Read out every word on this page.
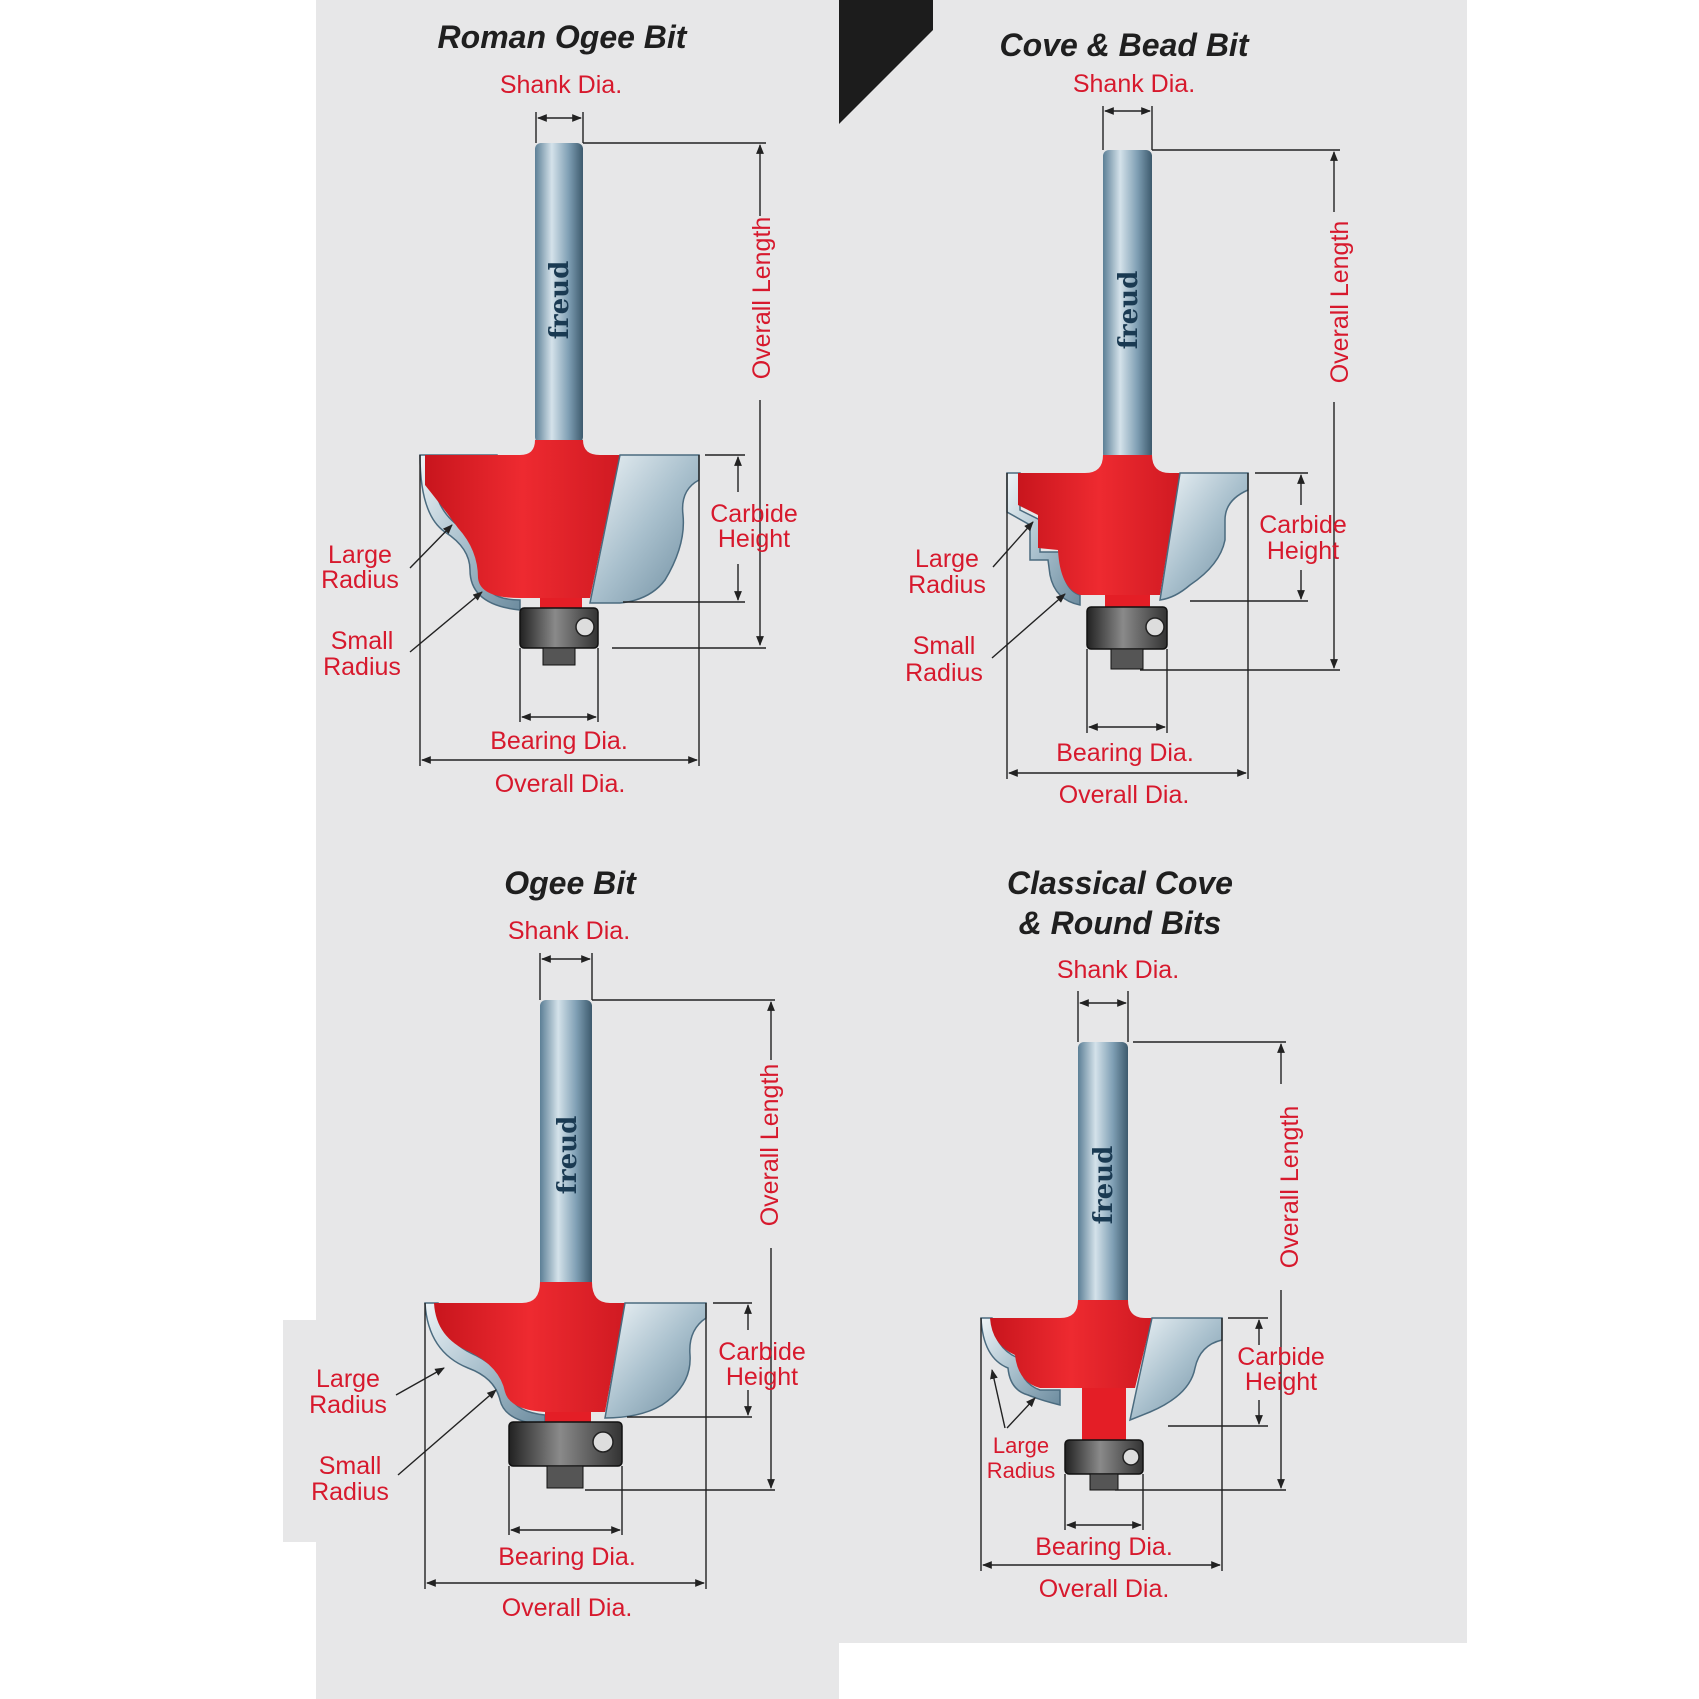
Roman Ogee Bit
Shank Dia.
freud	Overall Length
Carbide
Height
Large
Radius
Small
Radius
Bearing Dia.
Overall Dia.
Cove & Bead Bit
Shank Dia.
freud	Overall Length
Carbide
Height
Large
Radius
Small
Radius
Bearing Dia.
Overall Dia.
Ogee Bit
Shank Dia.
freud	Overall Length
Carbide
Height
Large
Radius
Small
Radius
Bearing Dia.
Overall Dia.
Classical Cove
& Round Bits
Shank Dia.
freud	Overall Length
Carbide
Height
Large
Radius
Bearing Dia.
Overall Dia.
